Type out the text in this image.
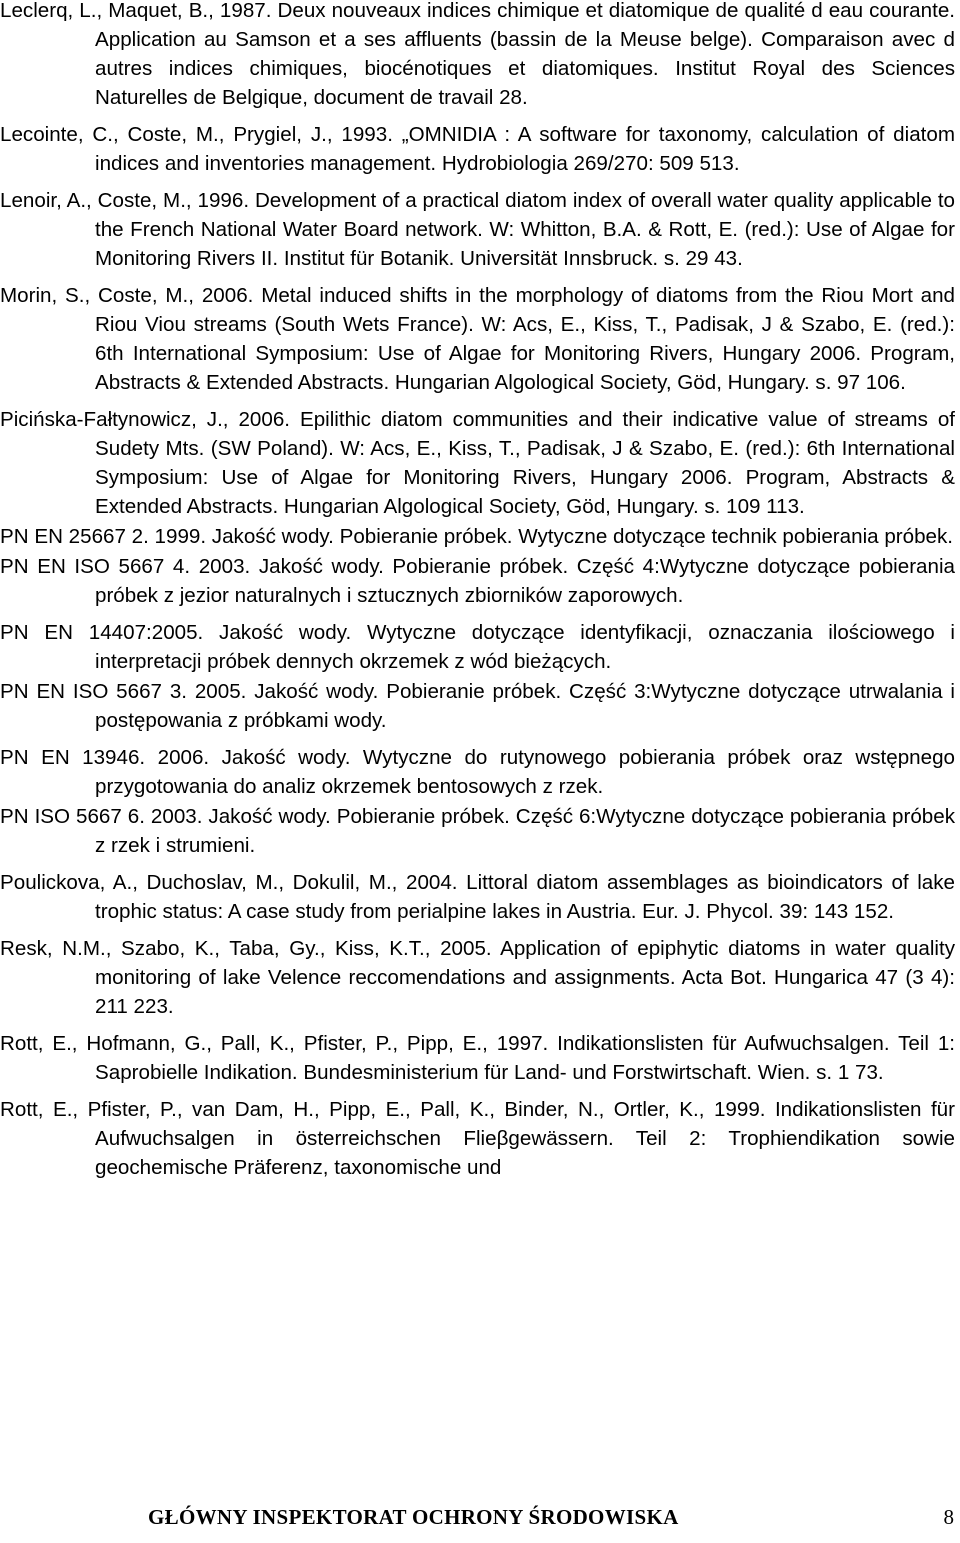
Leclerq, L., Maquet, B., 1987. Deux nouveaux indices chimique et diatomique de qualité d eau courante. Application au Samson et a ses affluents (bassin de la Meuse belge). Comparaison avec d autres indices chimiques, biocénotiques et diatomiques. Institut Royal des Sciences Naturelles de Belgique, document de travail 28.

Lecointe, C., Coste, M., Prygiel, J., 1993. „OMNIDIA : A software for taxonomy, calculation of diatom indices and inventories management. Hydrobiologia 269/270: 509 513.

Lenoir, A., Coste, M., 1996. Development of a practical diatom index of overall water quality applicable to the French National Water Board network. W: Whitton, B.A. & Rott, E. (red.): Use of Algae for Monitoring Rivers II. Institut für Botanik. Universität Innsbruck. s. 29 43.

Morin, S., Coste, M., 2006. Metal induced shifts in the morphology of diatoms from the Riou Mort and Riou Viou streams (South Wets France). W: Acs, E., Kiss, T., Padisak, J & Szabo, E. (red.): 6th International Symposium: Use of Algae for Monitoring Rivers, Hungary 2006. Program, Abstracts & Extended Abstracts. Hungarian Algological Society, Göd, Hungary. s. 97 106.

Picińska-Fałtynowicz, J., 2006. Epilithic diatom communities and their indicative value of streams of Sudety Mts. (SW Poland). W: Acs, E., Kiss, T., Padisak, J & Szabo, E. (red.): 6th International Symposium: Use of Algae for Monitoring Rivers, Hungary 2006. Program, Abstracts & Extended Abstracts. Hungarian Algological Society, Göd, Hungary. s. 109 113.

PN EN 25667 2. 1999. Jakość wody. Pobieranie próbek. Wytyczne dotyczące technik pobierania próbek.

PN EN ISO 5667 4. 2003. Jakość wody. Pobieranie próbek. Część 4:Wytyczne dotyczące pobierania próbek z jezior naturalnych i sztucznych zbiorników zaporowych.

PN EN 14407:2005. Jakość wody. Wytyczne dotyczące identyfikacji, oznaczania ilościowego i interpretacji próbek dennych okrzemek z wód bieżących.

PN EN ISO 5667 3. 2005. Jakość wody. Pobieranie próbek. Część 3:Wytyczne dotyczące utrwalania i postępowania z próbkami wody.

PN EN 13946. 2006. Jakość wody. Wytyczne do rutynowego pobierania próbek oraz wstępnego przygotowania do analiz okrzemek bentosowych z rzek.

PN ISO 5667 6. 2003. Jakość wody. Pobieranie próbek. Część 6:Wytyczne dotyczące pobierania próbek z rzek i strumieni.

Poulickova, A., Duchoslav, M., Dokulil, M., 2004. Littoral diatom assemblages as bioindicators of lake trophic status: A case study from perialpine lakes in Austria. Eur. J. Phycol. 39: 143 152.

Resk, N.M., Szabo, K., Taba, Gy., Kiss, K.T., 2005. Application of epiphytic diatoms in water quality monitoring of lake Velence reccomendations and assignments. Acta Bot. Hungarica 47 (3 4): 211 223.

Rott, E., Hofmann, G., Pall, K., Pfister, P., Pipp, E., 1997. Indikationslisten für Aufwuchsalgen. Teil 1: Saprobielle Indikation. Bundesministerium für Land- und Forstwirtschaft. Wien. s. 1 73.

Rott, E., Pfister, P., van Dam, H., Pipp, E., Pall, K., Binder, N., Ortler, K., 1999. Indikationslisten für Aufwuchsalgen in österreichschen Flieβgewässern. Teil 2: Trophiendikation sowie geochemische Präferenz, taxonomische und

GŁÓWNY INSPEKTORAT OCHRONY ŚRODOWISKA	8
